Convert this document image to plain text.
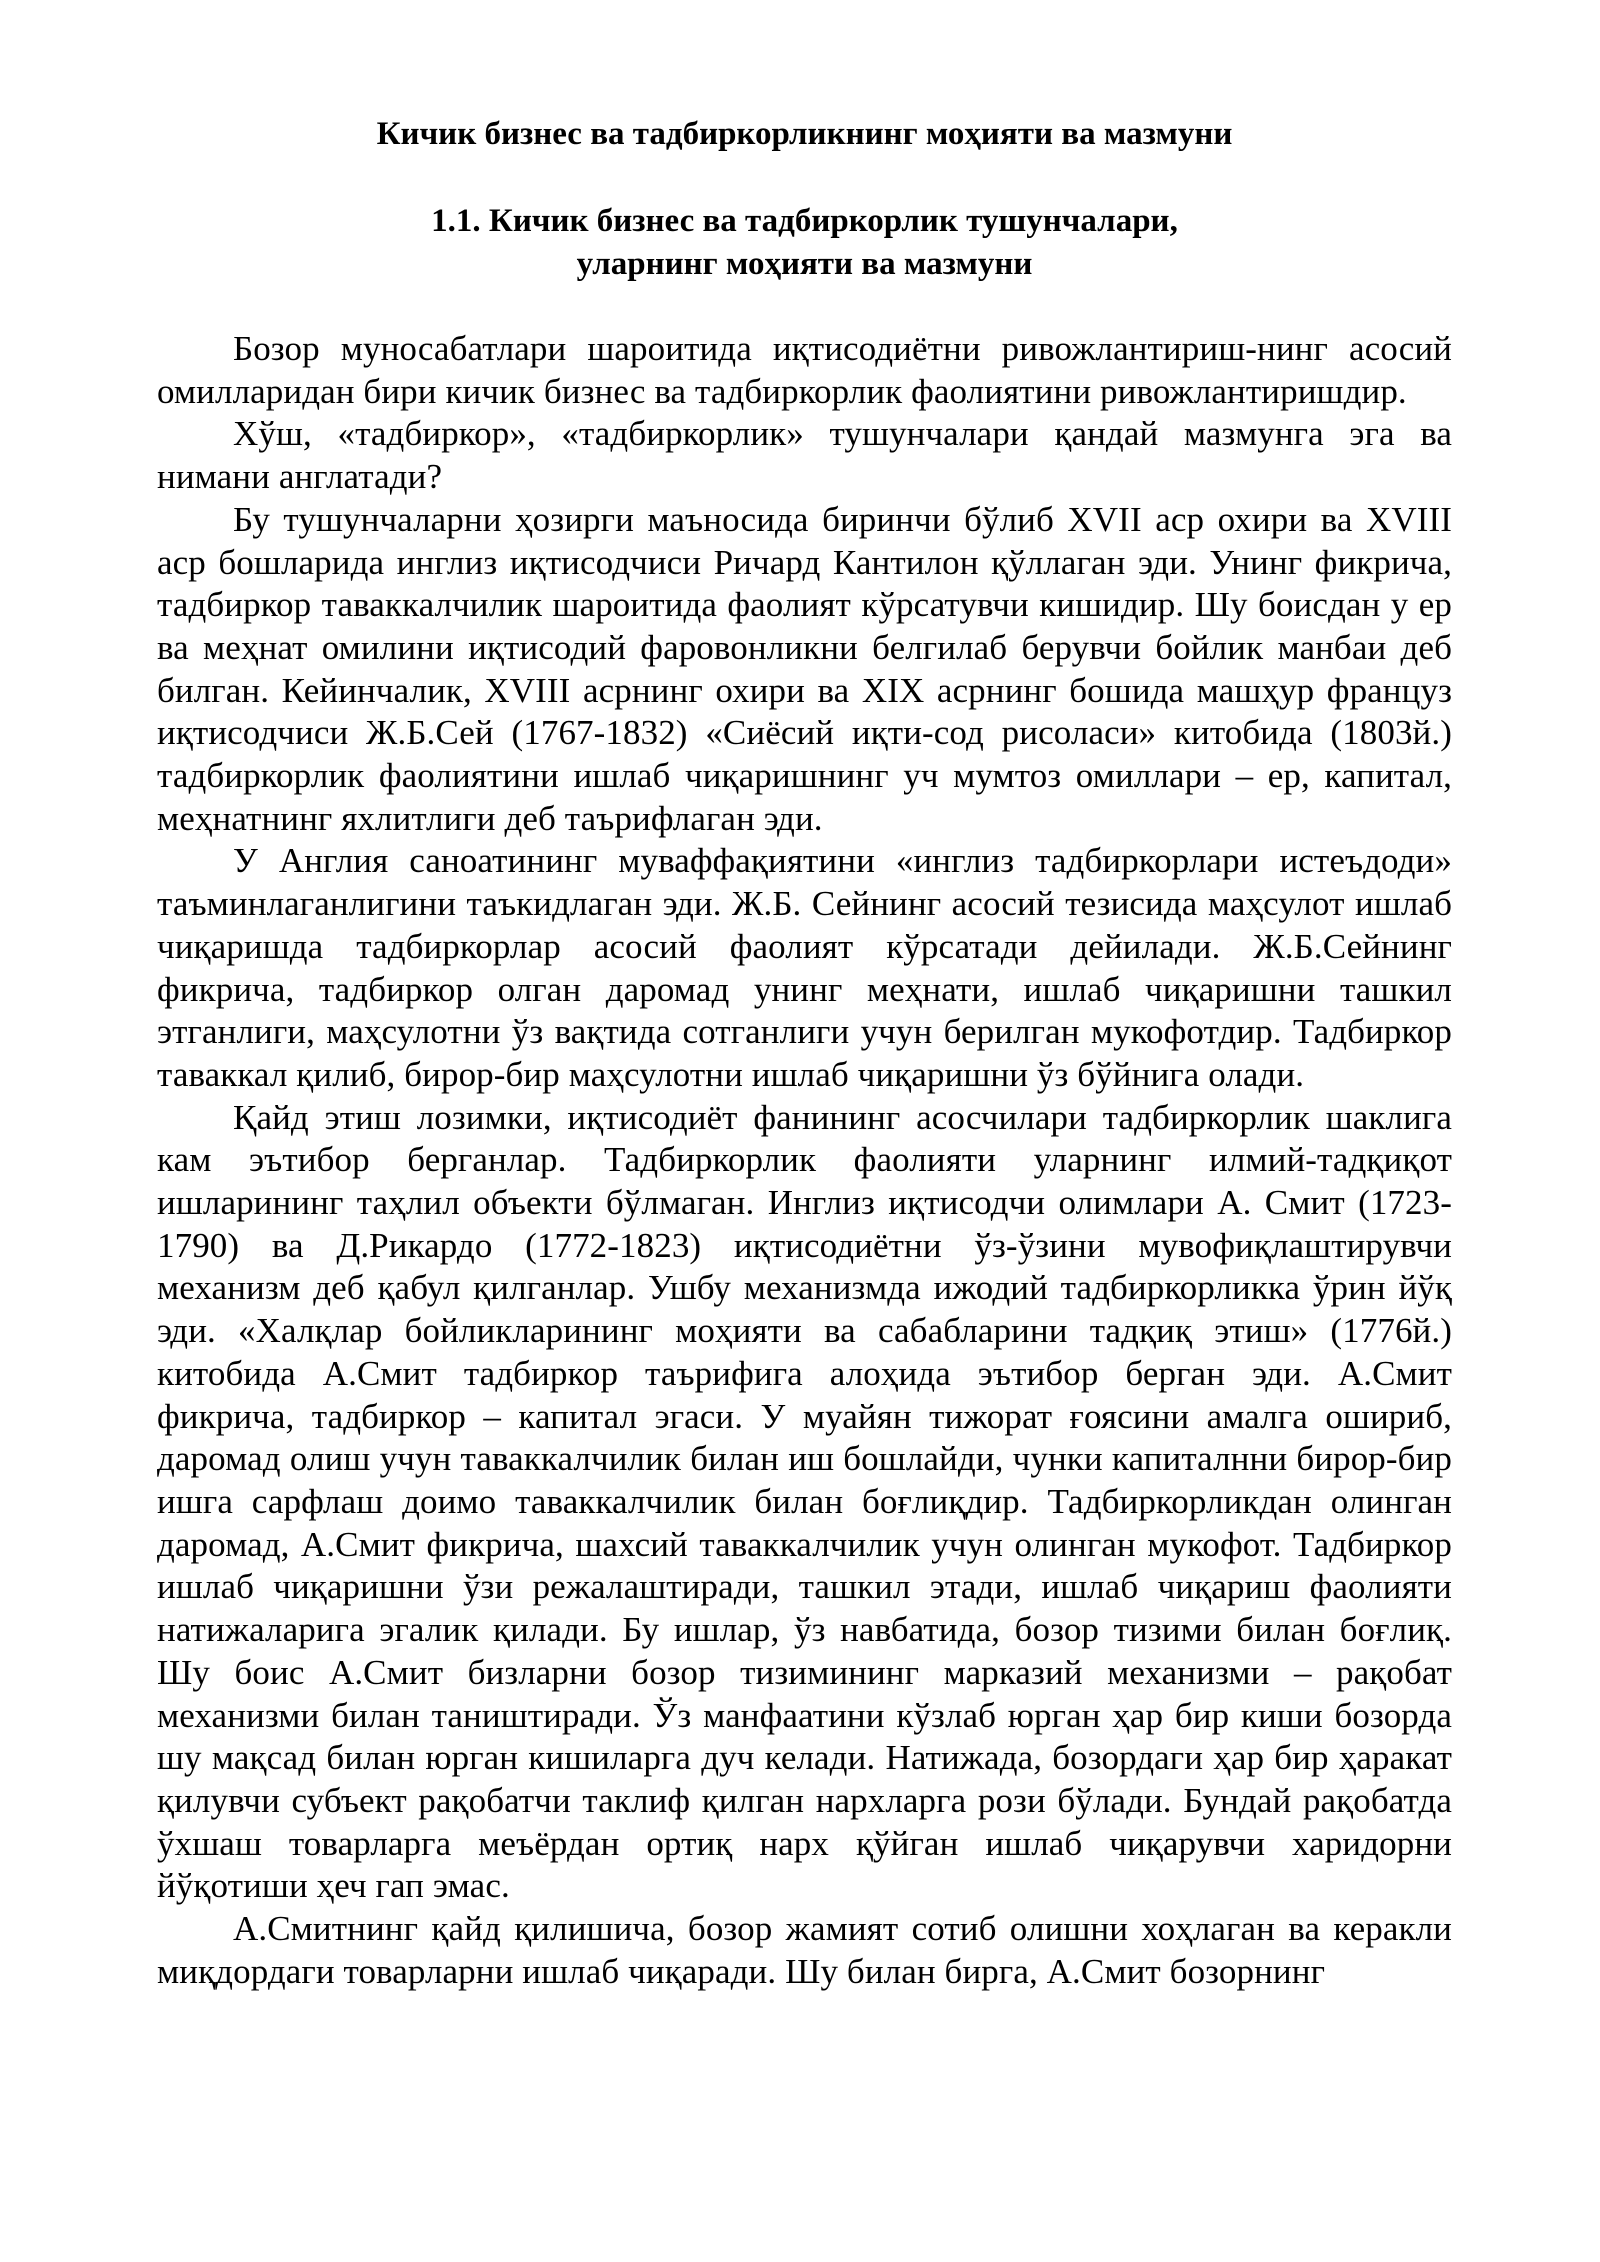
Кичик бизнес ва тадбиркорликнинг моҳияти ва мазмуни
1.1. Кичик бизнес ва тадбиркорлик тушунчалари,
уларнинг моҳияти ва мазмуни

Бозор муносабатлари шароитида иқтисодиётни ривожлантириш-нинг асосий омилларидан бири кичик бизнес ва тадбиркорлик фаолиятини ривожлантиришдир.

Хўш, «тадбиркор», «тадбиркорлик» тушунчалари қандай мазмунга эга ва нимани англатади?

Бу тушунчаларни ҳозирги маъносида биринчи бўлиб XVII аср охири ва XVIII аср бошларида инглиз иқтисодчиси Ричард Кантилон қўллаган эди. Унинг фикрича, тадбиркор таваккалчилик шароитида фаолият кўрсатувчи кишидир. Шу боисдан у ер ва меҳнат омилини иқтисодий фаровонликни белгилаб берувчи бойлик манбаи деб билган. Кейинчалик, XVIII асрнинг охири ва XIX асрнинг бошида машҳур француз иқтисодчиси Ж.Б.Сей (1767-1832) «Сиёсий иқти-сод рисоласи» китобида (1803й.) тадбиркорлик фаолиятини ишлаб чиқаришнинг уч мумтоз омиллари – ер, капитал, меҳнатнинг яхлитлиги деб таърифлаган эди.

У Англия саноатининг муваффақиятини «инглиз тадбиркорлари истеъдоди» таъминлаганлигини таъкидлаган эди. Ж.Б. Сейнинг асосий тезисида маҳсулот ишлаб чиқаришда тадбиркорлар асосий фаолият кўрсатади дейилади. Ж.Б.Сейнинг фикрича, тадбиркор олган даромад унинг меҳнати, ишлаб чиқаришни ташкил этганлиги, маҳсулотни ўз вақтида сотганлиги учун берилган мукофотдир. Тадбиркор таваккал қилиб, бирор-бир маҳсулотни ишлаб чиқаришни ўз бўйнига олади.

Қайд этиш лозимки, иқтисодиёт фанининг асосчилари тадбиркорлик шаклига кам эътибор берганлар. Тадбиркорлик фаолияти уларнинг илмий-тадқиқот ишларининг таҳлил объекти бўлмаган. Инглиз иқтисодчи олимлари А. Смит (1723-1790) ва Д.Рикардо (1772-1823) иқтисодиётни ўз-ўзини мувофиқлаштирувчи механизм деб қабул қилганлар. Ушбу механизмда ижодий тадбиркорликка ўрин йўқ эди. «Халқлар бойликларининг моҳияти ва сабабларини тадқиқ этиш» (1776й.) китобида А.Смит тадбиркор таърифига алоҳида эътибор берган эди. А.Смит фикрича, тадбиркор – капитал эгаси. У муайян тижорат ғоясини амалга ошириб, даромад олиш учун таваккалчилик билан иш бошлайди, чунки капиталнни бирор-бир ишга сарфлаш доимо таваккалчилик билан боғлиқдир. Тадбиркорликдан олинган даромад, А.Смит фикрича, шахсий таваккалчилик учун олинган мукофот. Тадбиркор ишлаб чиқаришни ўзи режалаштиради, ташкил этади, ишлаб чиқариш фаолияти натижаларига эгалик қилади. Бу ишлар, ўз навбатида, бозор тизими билан боғлиқ. Шу боис А.Смит бизларни бозор тизимининг марказий механизми – рақобат механизми билан таништиради. Ўз манфаатини кўзлаб юрган ҳар бир киши бозорда шу мақсад билан юрган кишиларга дуч келади. Натижада, бозордаги ҳар бир ҳаракат қилувчи субъект рақобатчи таклиф қилган нархларга рози бўлади. Бундай рақобатда ўхшаш товарларга меъёрдан ортиқ нарх қўйган ишлаб чиқарувчи харидорни йўқотиши ҳеч гап эмас.

А.Смитнинг қайд қилишича, бозор жамият сотиб олишни хоҳлаган ва керакли миқдордаги товарларни ишлаб чиқаради. Шу билан бирга, А.Смит бозорнинг
